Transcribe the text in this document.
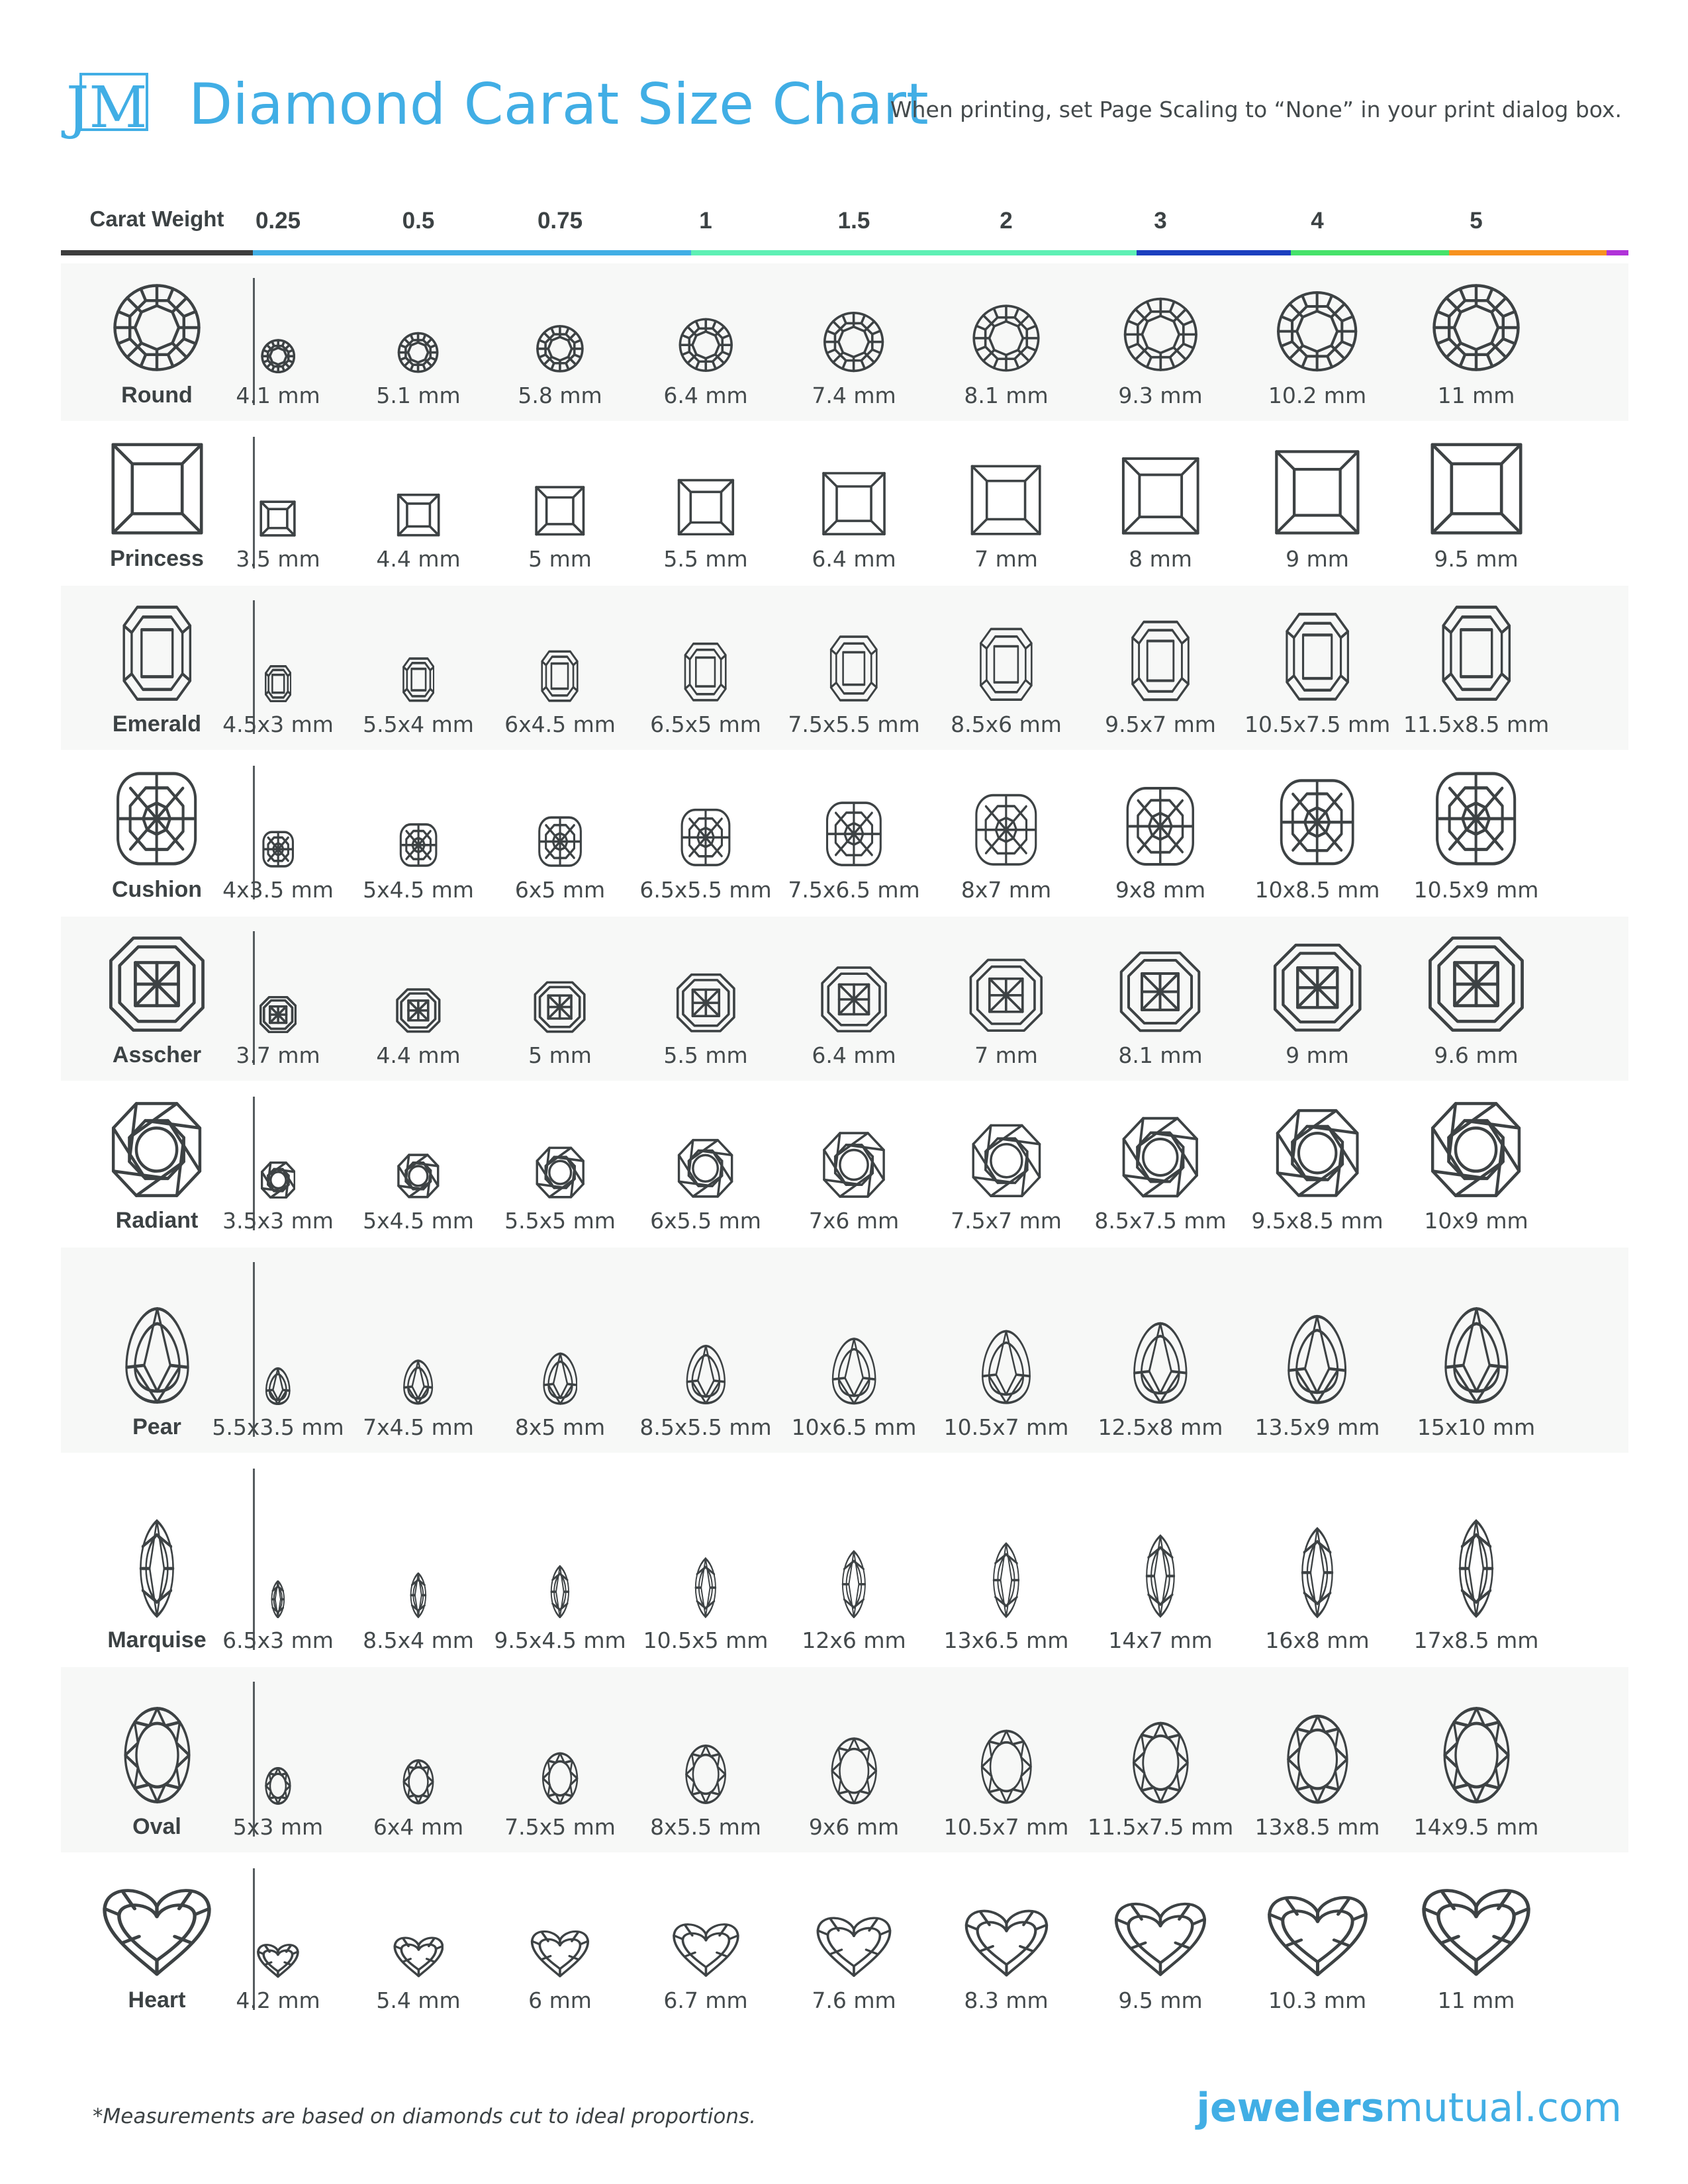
JM Diamond Carat Size Chart
When printing, set Page Scaling to “None” in your print dialog box.
Carat Weight	0.25	0.5	0.75	1	1.5	2	3	4	5
Round	4.1 mm	5.1 mm	5.8 mm	6.4 mm	7.4 mm	8.1 mm	9.3 mm	10.2 mm	11 mm
Princess	3.5 mm	4.4 mm	5 mm	5.5 mm	6.4 mm	7 mm	8 mm	9 mm	9.5 mm
Emerald 4.5x3 mm	5.5x4 mm	6x4.5 mm	6.5x5 mm	7.5x5.5 mm	8.5x6 mm	9.5x7 mm	10.5x7.5 mm 11.5x8.5 mm
Cushion 4x3.5 mm	5x4.5 mm	6x5 mm	6.5x5.5 mm 7.5x6.5 mm	8x7 mm	9x8 mm	10x8.5 mm	10.5x9 mm
Asscher	3.7 mm	4.4 mm	5 mm	5.5 mm	6.4 mm	7 mm	8.1 mm	9 mm	9.6 mm
Radiant	3.5x3 mm	5x4.5 mm	5.5x5 mm	6x5.5 mm	7x6 mm	7.5x7 mm	8.5x7.5 mm	9.5x8.5 mm	10x9 mm
Pear	5.5x3.5 mm 7x4.5 mm	8x5 mm	8.5x5.5 mm 10x6.5 mm	10.5x7 mm	12.5x8 mm	13.5x9 mm	15x10 mm
Marquise 6.5x3 mm	8.5x4 mm 9.5x4.5 mm 10.5x5 mm	12x6 mm	13x6.5 mm	14x7 mm	16x8 mm	17x8.5 mm
Oval	5x3 mm	6x4 mm	7.5x5 mm	8x5.5 mm	9x6 mm	10.5x7 mm 11.5x7.5 mm 13x8.5 mm	14x9.5 mm
Heart	4.2 mm	5.4 mm	6 mm	6.7 mm	7.6 mm	8.3 mm	9.5 mm	10.3 mm	11 mm
*Measurements are based on diamonds cut to ideal proportions.	jewelersmutual.com
